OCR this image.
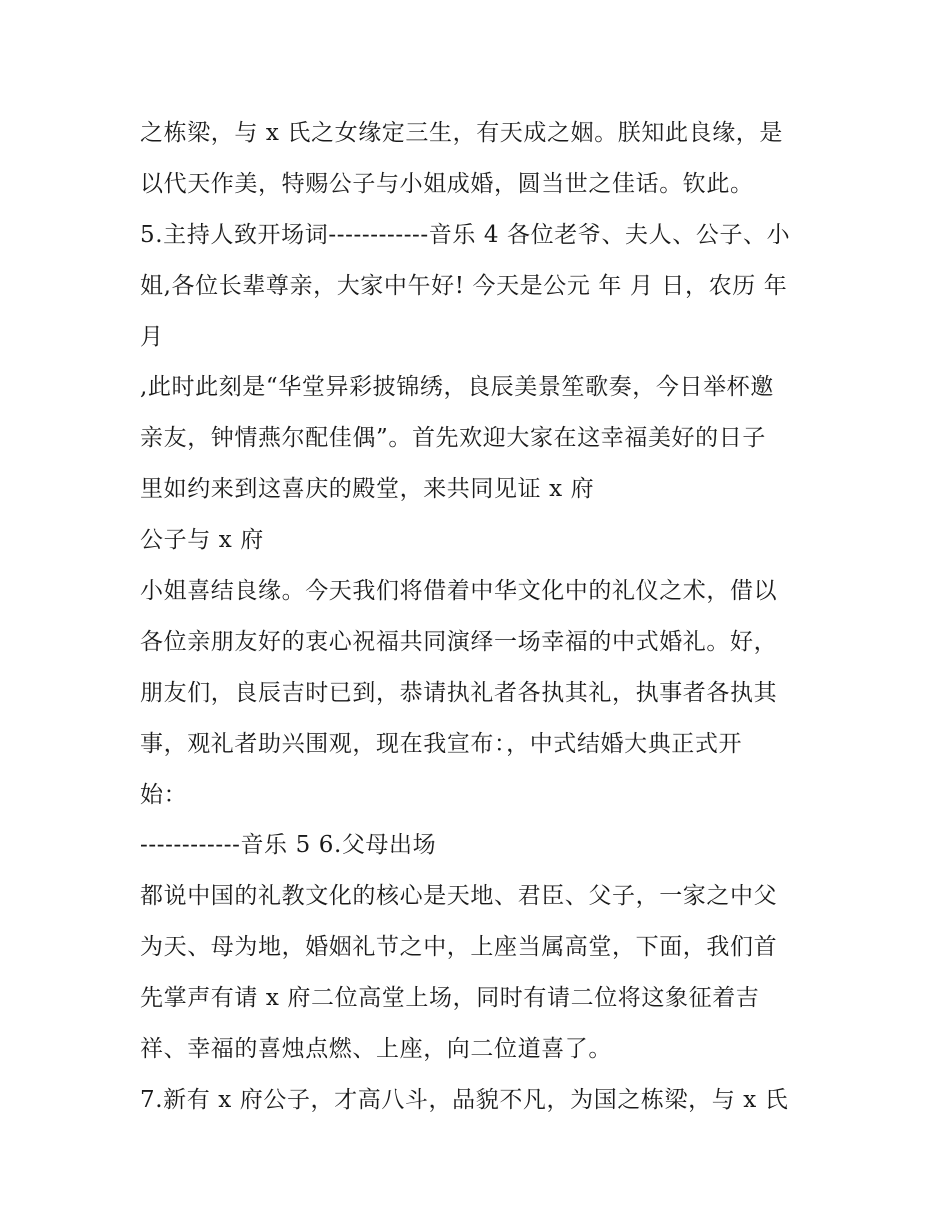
之栋梁，与 x 氏之女缘定三生，有天成之姻。朕知此良缘，是
以代天作美，特赐公子与小姐成婚，圆当世之佳话。钦此。
5.主持人致开场词------------音乐 4 各位老爷、夫人、公子、小
姐,各位长辈尊亲，大家中午好! 今天是公元 年 月 日，农历 年
月
,此时此刻是“华堂异彩披锦绣，良辰美景笙歌奏，今日举杯邀
亲友，钟情燕尔配佳偶”。首先欢迎大家在这幸福美好的日子
里如约来到这喜庆的殿堂，来共同见证 x 府
公子与 x 府
小姐喜结良缘。今天我们将借着中华文化中的礼仪之术，借以
各位亲朋友好的衷心祝福共同演绎一场幸福的中式婚礼。好，
朋友们，良辰吉时已到，恭请执礼者各执其礼，执事者各执其
事，观礼者助兴围观，现在我宣布：，中式结婚大典正式开
始：
------------音乐 5 6.父母出场
都说中国的礼教文化的核心是天地、君臣、父子，一家之中父
为天、母为地，婚姻礼节之中，上座当属高堂，下面，我们首
先掌声有请 x 府二位高堂上场，同时有请二位将这象征着吉
祥、幸福的喜烛点燃、上座，向二位道喜了。
7.新有 x 府公子，才高八斗，品貌不凡，为国之栋梁，与 x 氏
